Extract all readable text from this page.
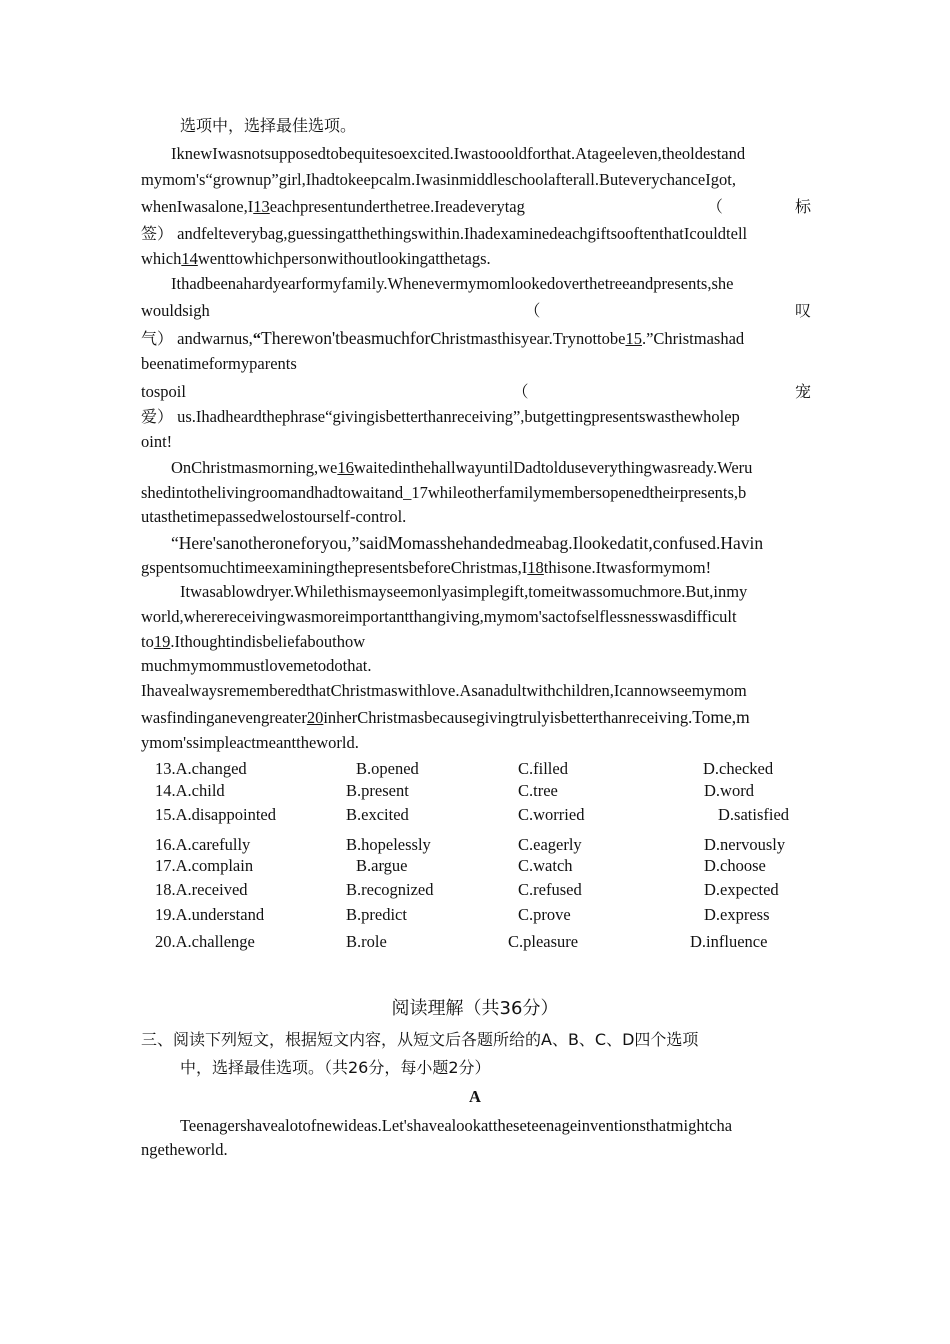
选项中，选择最佳选项。
IknewIwasnotsupposedtobequitesoexcited.Iwastoooldforthat.Atageeleven,theoldestand
mymom's“grownup”girl,Ihadtokeepcalm.Iwasinmiddleschoolafterall.ButeverychanceIgot,
whenIwasalone,I13eachpresentunderthetree.Ireadeverytag	（	标
签） andfelteverybag,guessingatthethingswithin.IhadexaminedeachgiftsooftenthatIcouldtell
which14wenttowhichpersonwithoutlookingatthetags.
Ithadbeenahardyearformyfamily.Whenevermymomlookedoverthetreeandpresents,she
wouldsigh	（	叹
气） andwarnus,“Therewon'tbeasmuchforChristmasthisyear.Trynottobe15.”Christmashad
beenatimeformyparents
tospoil	（	宠
爱） us.Ihadheardthephrase“givingisbetterthanreceiving”,butgettingpresentswasthewholep
oint!
OnChristmasmorning,we16waitedinthehallwayuntilDadtolduseverythingwasready.Weru
shedintothelivingroomandhadtowaitand_17whileotherfamilymembersopenedtheirpresents,b
utasthetimepassedwelostourself-control.
“Here'sanotheroneforyou,”saidMomasshehandedmeabag.Ilookedatit,confused.Havin
gspentsomuchtimeexaminingthepresentsbeforeChristmas,I18thisone.Itwasformymom!
Itwasablowdryer.Whilethismayseemonlyasimplegift,tomeitwassomuchmore.But,inmy
world,wherereceivingwasmoreimportantthangiving,mymom'sactofselflessnesswasdifficult
to19.Ithoughtindisbeliefabouthow
muchmymommustlovemetodothat.
IhavealwaysrememberedthatChristmaswithlove.Asanadultwithchildren,Icannowseemymom
wasfindinganevengreater20inherChristmasbecausegivingtrulyisbetterthanreceiving.Tome,m
ymom'ssimpleactmeanttheworld.
13.A.changed	B.opened	C.filled	D.checked
14.A.child	B.present	C.tree	D.word
15.A.disappointed	B.excited	C.worried	D.satisfied
16.A.carefully	B.hopelessly	C.eagerly	D.nervously
17.A.complain	B.argue	C.watch	D.choose
18.A.received	B.recognized	C.refused	D.expected
19.A.understand	B.predict	C.prove	D.express
20.A.challenge	B.role	C.pleasure	D.influence
阅读理解（共36分）
三、阅读下列短文，根据短文内容，从短文后各题所给的A、B、C、D四个选项
中，选择最佳选项。（共26分，每小题2分）
A
Teenagershavealotofnewideas.Let'shavealookattheseteenageinventionsthatmightcha
ngetheworld.
